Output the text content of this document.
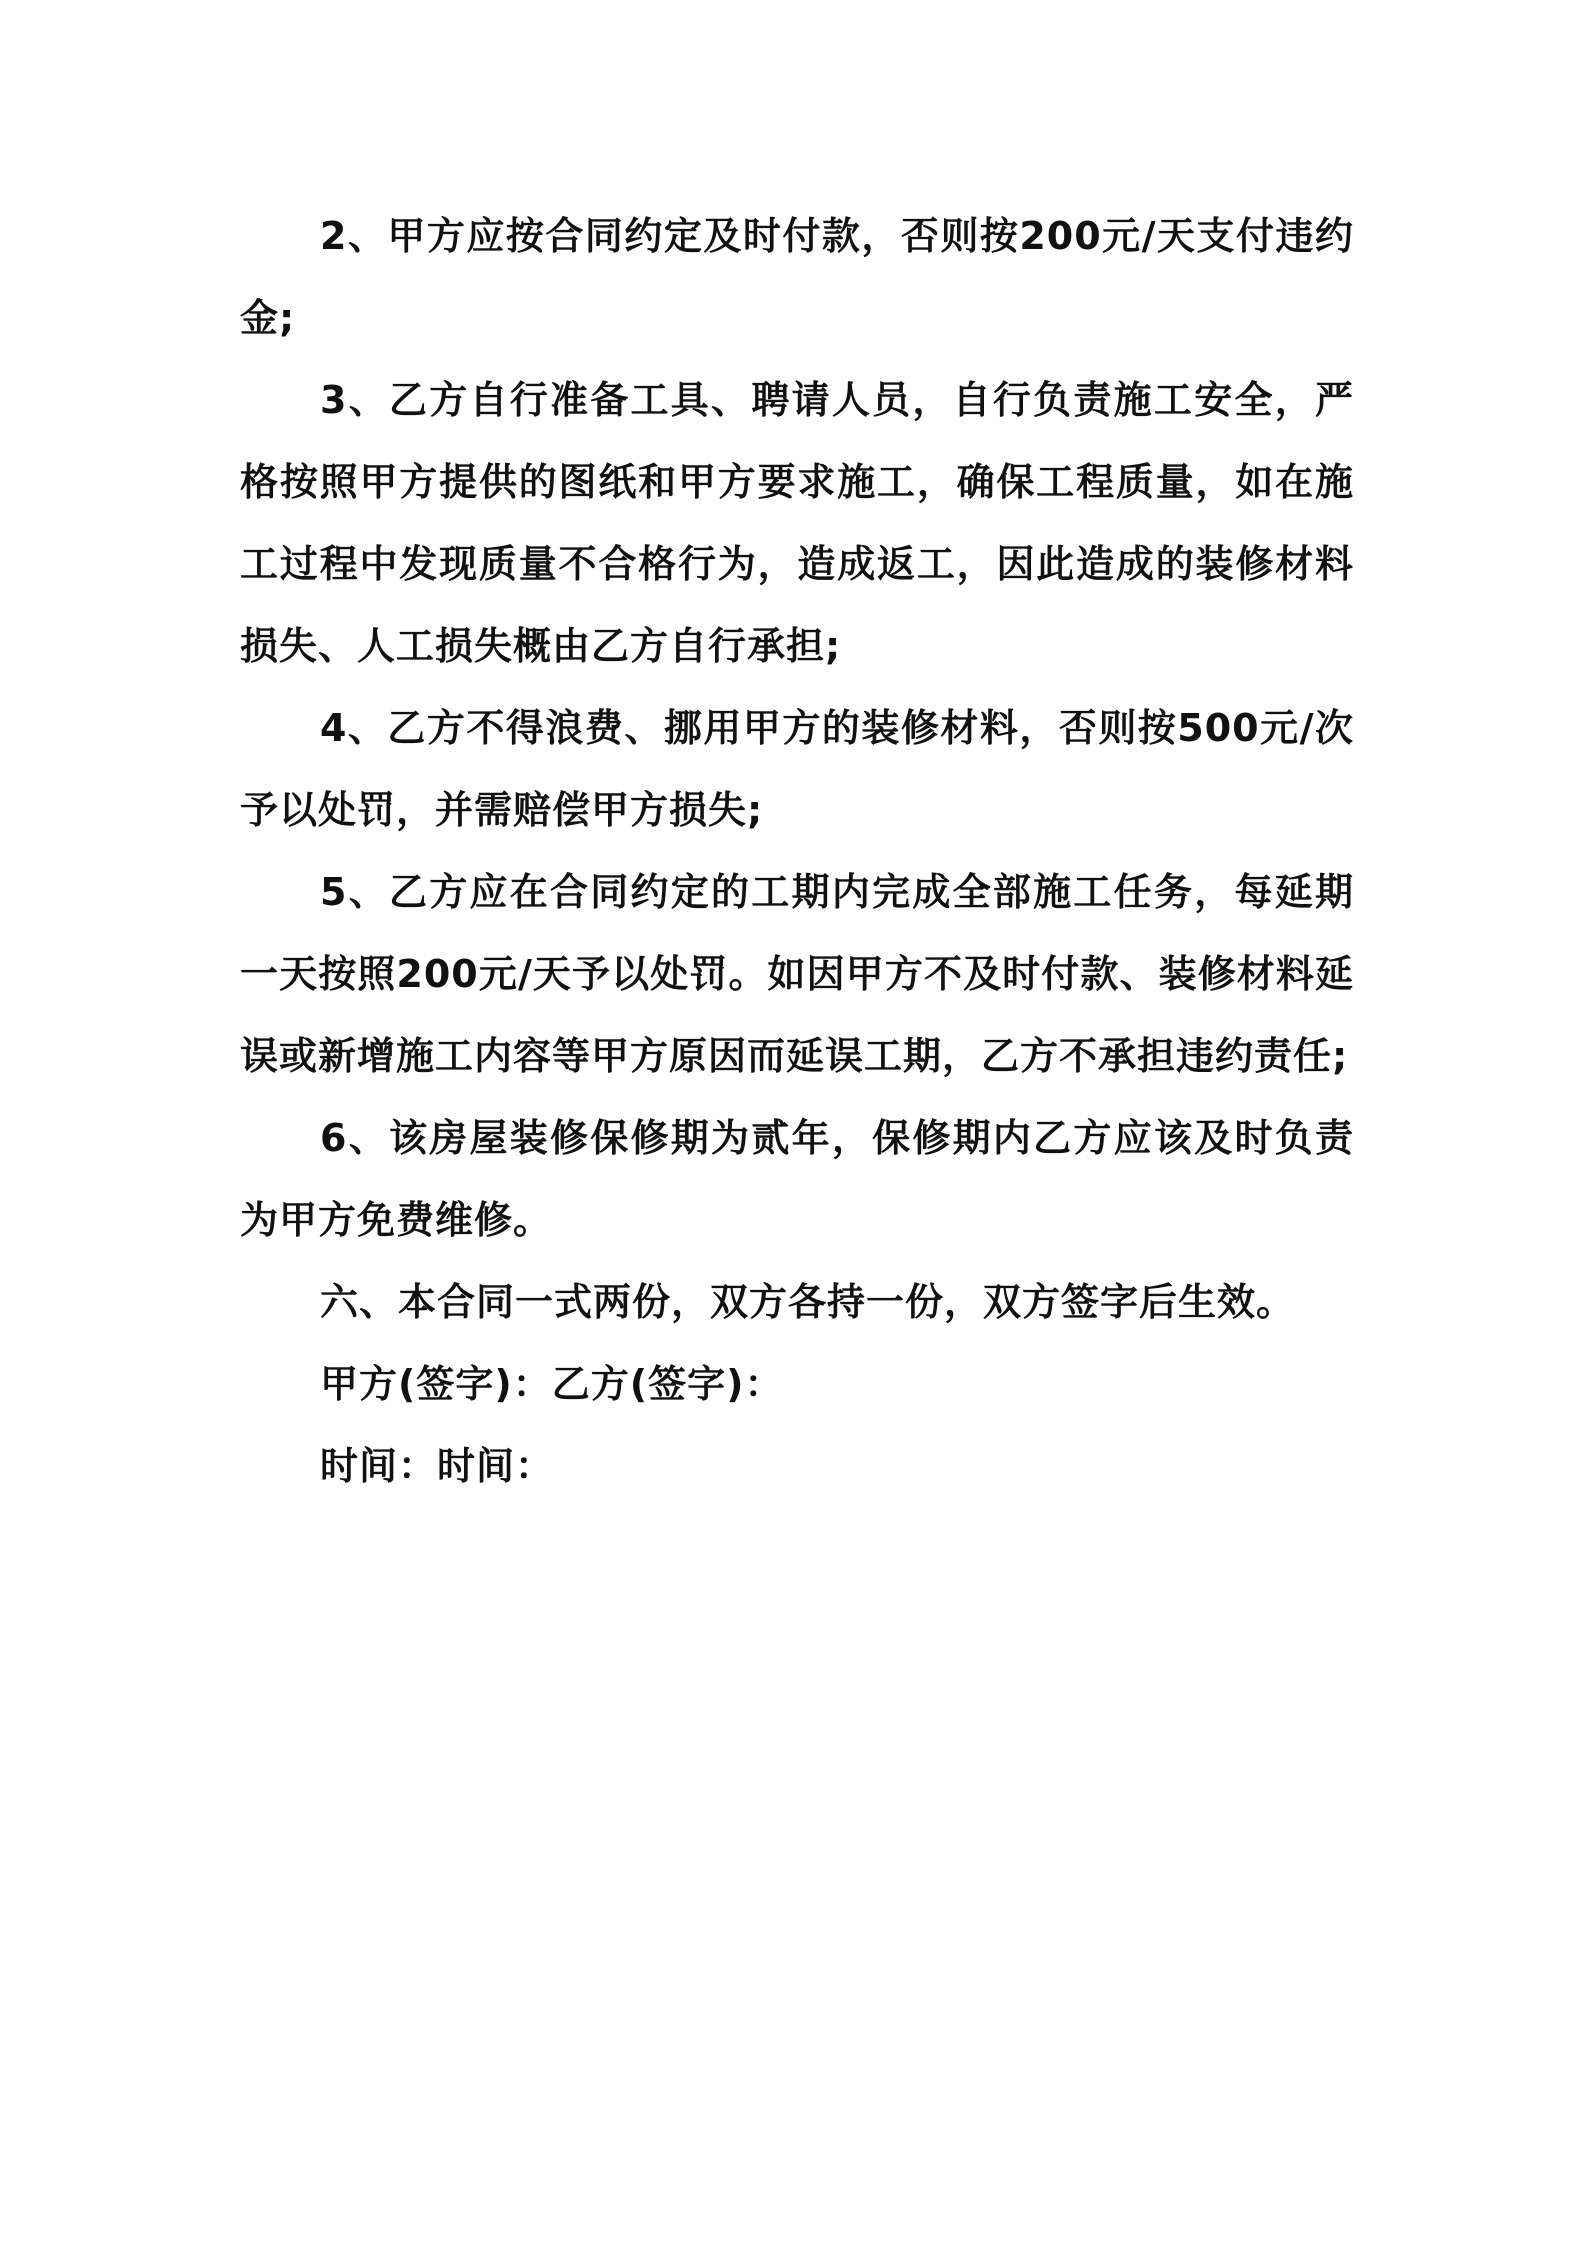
2、甲方应按合同约定及时付款，否则按200元/天支付违约金;

3、乙方自行准备工具、聘请人员，自行负责施工安全，严格按照甲方提供的图纸和甲方要求施工，确保工程质量，如在施工过程中发现质量不合格行为，造成返工，因此造成的装修材料损失、人工损失概由乙方自行承担;

4、乙方不得浪费、挪用甲方的装修材料，否则按500元/次予以处罚，并需赔偿甲方损失;

5、乙方应在合同约定的工期内完成全部施工任务，每延期一天按照200元/天予以处罚。如因甲方不及时付款、装修材料延误或新增施工内容等甲方原因而延误工期，乙方不承担违约责任;

6、该房屋装修保修期为贰年，保修期内乙方应该及时负责为甲方免费维修。

六、本合同一式两份，双方各持一份，双方签字后生效。

甲方(签字)：乙方(签字)：

时间：时间：
